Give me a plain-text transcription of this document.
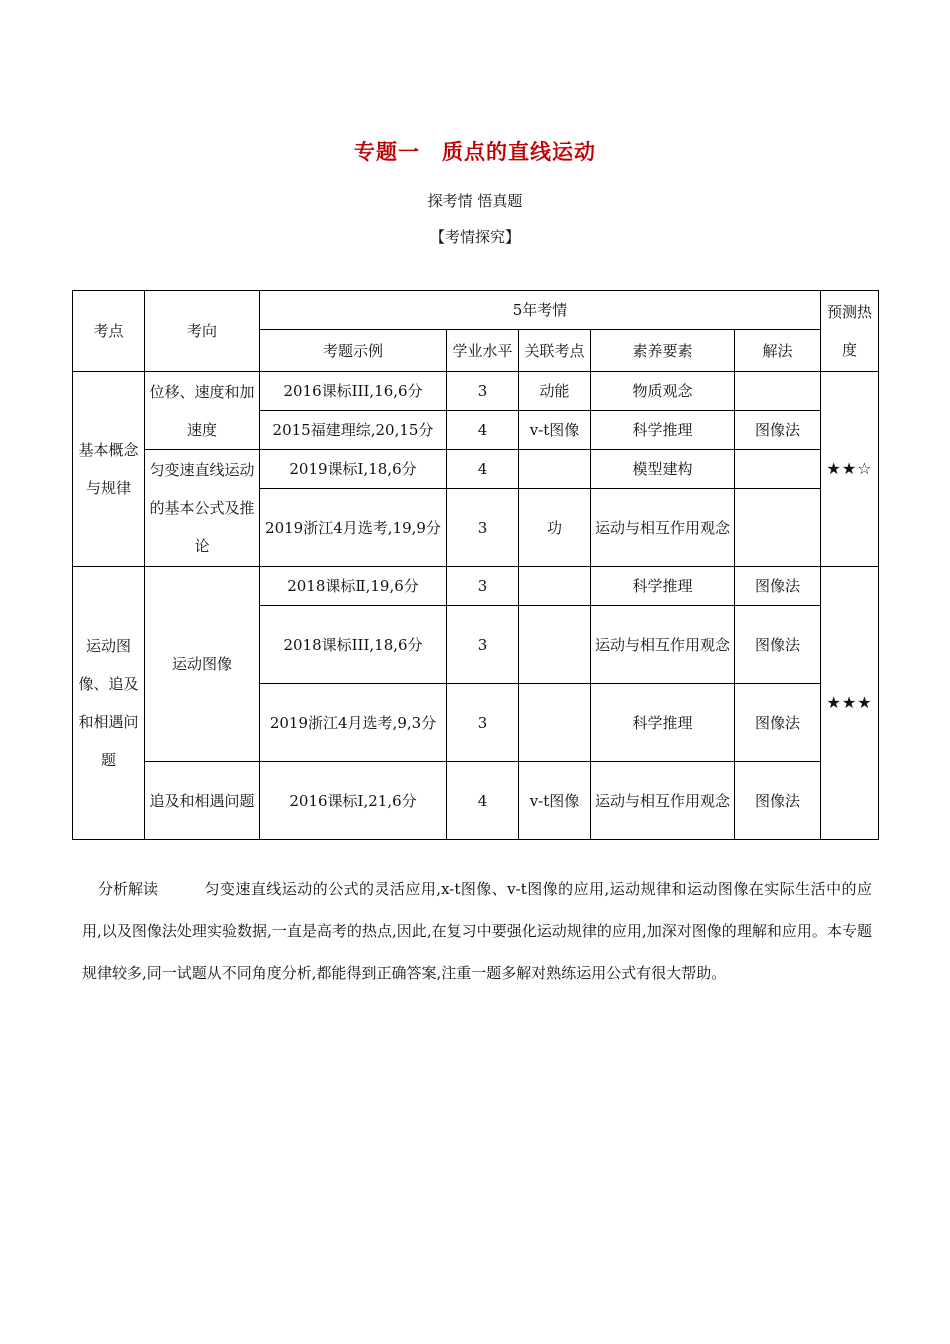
专题一 质点的直线运动
探考情 悟真题
【考情探究】
考点	考向	5年考情					预测热度
		考题示例	学业水平	关联考点	素养要素	解法	
基本概念与规律	位移、速度和加速度	2016课标III,16,6分	3	动能	物质观念		★★☆
		2015福建理综,20,15分	4	v-t图像	科学推理	图像法	
	匀变速直线运动的基本公式及推论	2019课标Ⅰ,18,6分	4		模型建构		
		2019浙江4月选考,19,9分	3	功	运动与相互作用观念		
运动图像、追及和相遇问题	运动图像	2018课标Ⅱ,19,6分	3		科学推理	图像法	★★★
		2018课标III,18,6分	3		运动与相互作用观念	图像法	
		2019浙江4月选考,9,3分	3		科学推理	图像法	
	追及和相遇问题	2016课标Ⅰ,21,6分	4	v-t图像	运动与相互作用观念	图像法	
分析解读	匀变速直线运动的公式的灵活应用,x-t图像、v-t图像的应用,运动规律和运动图像在实际生活中的应用,以及图像法处理实验数据,一直是高考的热点,因此,在复习中要强化运动规律的应用,加深对图像的理解和应用。本专题规律较多,同一试题从不同角度分析,都能得到正确答案,注重一题多解对熟练运用公式有很大帮助。
